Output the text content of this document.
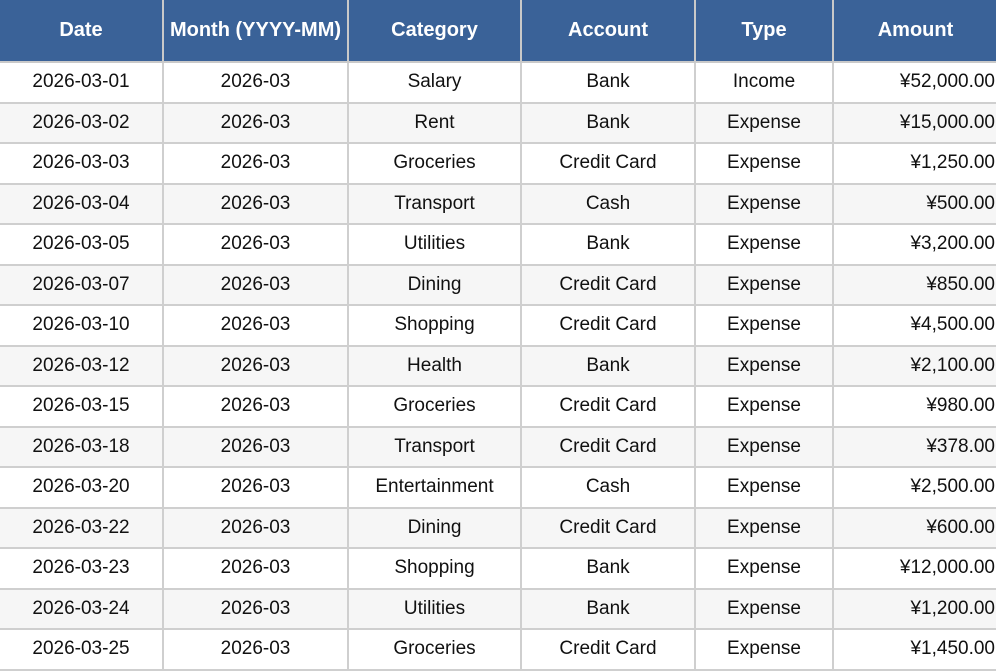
Date	Month (YYYY-MM)	Category	Account	Type	Amount
2026-03-01	2026-03	Salary	Bank	Income	¥52,000.00
2026-03-02	2026-03	Rent	Bank	Expense	¥15,000.00
2026-03-03	2026-03	Groceries	Credit Card	Expense	¥1,250.00
2026-03-04	2026-03	Transport	Cash	Expense	¥500.00
2026-03-05	2026-03	Utilities	Bank	Expense	¥3,200.00
2026-03-07	2026-03	Dining	Credit Card	Expense	¥850.00
2026-03-10	2026-03	Shopping	Credit Card	Expense	¥4,500.00
2026-03-12	2026-03	Health	Bank	Expense	¥2,100.00
2026-03-15	2026-03	Groceries	Credit Card	Expense	¥980.00
2026-03-18	2026-03	Transport	Credit Card	Expense	¥378.00
2026-03-20	2026-03	Entertainment	Cash	Expense	¥2,500.00
2026-03-22	2026-03	Dining	Credit Card	Expense	¥600.00
2026-03-23	2026-03	Shopping	Bank	Expense	¥12,000.00
2026-03-24	2026-03	Utilities	Bank	Expense	¥1,200.00
2026-03-25	2026-03	Groceries	Credit Card	Expense	¥1,450.00
